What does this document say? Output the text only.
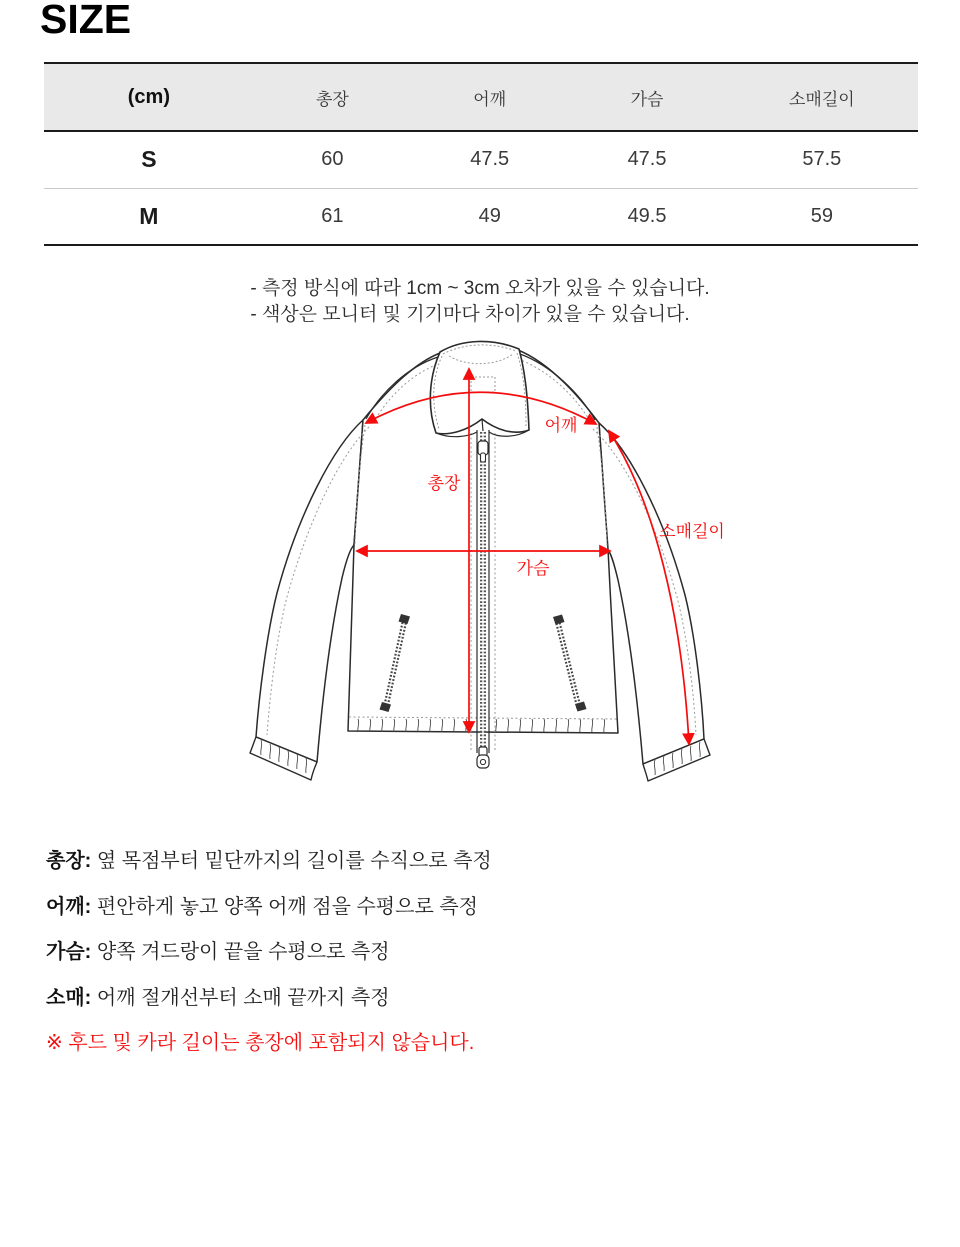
SIZE
(cm)	총장	어깨	가슴	소매길이
S	60	47.5	47.5	57.5
M	61	49	49.5	59
- 측정 방식에 따라 1cm ~ 3cm 오차가 있을 수 있습니다.
- 색상은 모니터 및 기기마다 차이가 있을 수 있습니다.
어깨
총장
소매길이
가슴
총장: 옆 목점부터 밑단까지의 길이를 수직으로 측정
어깨: 편안하게 놓고 양쪽 어깨 점을 수평으로 측정
가슴: 양쪽 겨드랑이 끝을 수평으로 측정
소매: 어깨 절개선부터 소매 끝까지 측정
※ 후드 및 카라 길이는 총장에 포함되지 않습니다.
